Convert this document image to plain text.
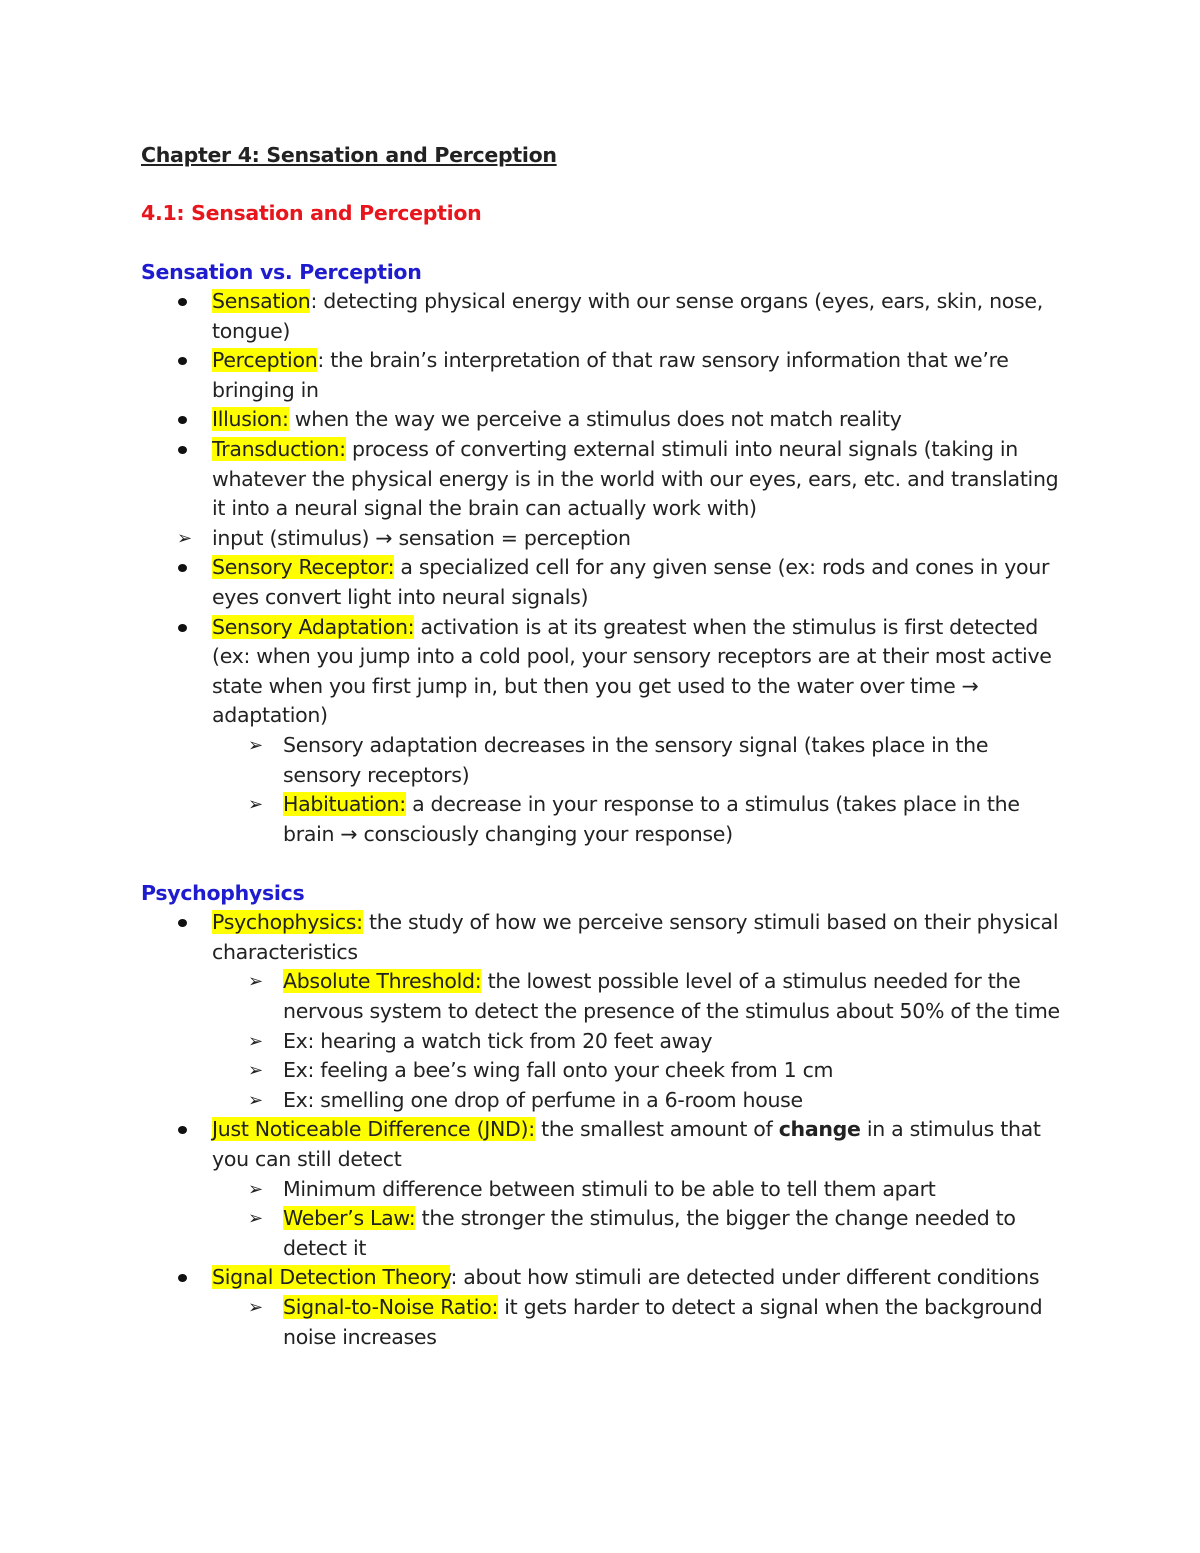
Chapter 4: Sensation and Perception
4.1: Sensation and Perception
Sensation vs. Perception
Sensation: detecting physical energy with our sense organs (eyes, ears, skin, nose, tongue)
Perception: the brain’s interpretation of that raw sensory information that we’re bringing in
Illusion: when the way we perceive a stimulus does not match reality
Transduction: process of converting external stimuli into neural signals (taking in whatever the physical energy is in the world with our eyes, ears, etc. and translating it into a neural signal the brain can actually work with)
➢ input (stimulus) → sensation = perception
Sensory Receptor: a specialized cell for any given sense (ex: rods and cones in your eyes convert light into neural signals)
Sensory Adaptation: activation is at its greatest when the stimulus is first detected (ex: when you jump into a cold pool, your sensory receptors are at their most active state when you first jump in, but then you get used to the water over time → adaptation)
➢ Sensory adaptation decreases in the sensory signal (takes place in the sensory receptors)
➢ Habituation: a decrease in your response to a stimulus (takes place in the brain → consciously changing your response)
Psychophysics
Psychophysics: the study of how we perceive sensory stimuli based on their physical characteristics
➢ Absolute Threshold: the lowest possible level of a stimulus needed for the nervous system to detect the presence of the stimulus about 50% of the time
➢ Ex: hearing a watch tick from 20 feet away
➢ Ex: feeling a bee’s wing fall onto your cheek from 1 cm
➢ Ex: smelling one drop of perfume in a 6-room house
Just Noticeable Difference (JND): the smallest amount of change in a stimulus that you can still detect
➢ Minimum difference between stimuli to be able to tell them apart
➢ Weber’s Law: the stronger the stimulus, the bigger the change needed to detect it
Signal Detection Theory: about how stimuli are detected under different conditions
➢ Signal-to-Noise Ratio: it gets harder to detect a signal when the background noise increases
